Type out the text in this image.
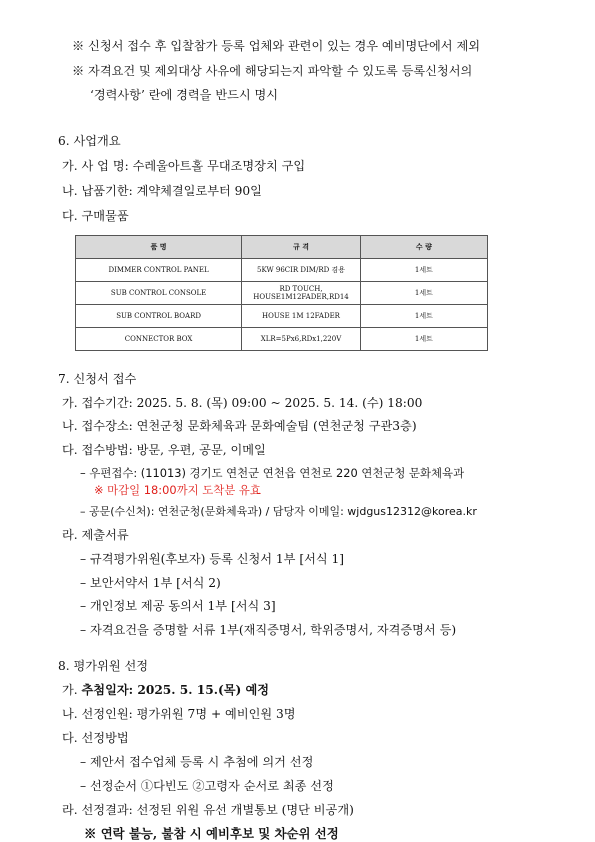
※ 신청서 접수 후 입찰참가 등록 업체와 관련이 있는 경우 예비명단에서 제외
※ 자격요건 및 제외대상 사유에 해당되는지 파악할 수 있도록 등록신청서의
‘경력사항’ 란에 경력을 반드시 명시
6. 사업개요
가. 사 업 명: 수레울아트홀 무대조명장치 구입
나. 납품기한: 계약체결일로부터 90일
다. 구매물품
품 명	규 격	수 량
DIMMER CONTROL PANEL	5KW 96CIR DIM/RD 겸용	1세트
SUB CONTROL CONSOLE	RD TOUCH,
HOUSE1M12FADER,RD14	1세트
SUB CONTROL BOARD	HOUSE 1M 12FADER	1세트
CONNECTOR BOX	XLR=5Px6,RDx1,220V	1세트
7. 신청서 접수
가. 접수기간: 2025. 5. 8. (목) 09:00 ~ 2025. 5. 14. (수) 18:00
나. 접수장소: 연천군청 문화체육과 문화예술팀 (연천군청 구관3층)
다. 접수방법: 방문, 우편, 공문, 이메일
– 우편접수: (11013) 경기도 연천군 연천읍 연천로 220 연천군청 문화체육과
※ 마감일 18:00까지 도착분 유효
– 공문(수신처): 연천군청(문화체육과) / 담당자 이메일: wjdgus12312@korea.kr
라. 제출서류
– 규격평가위원(후보자) 등록 신청서 1부 [서식 1]
– 보안서약서 1부 [서식 2)
– 개인정보 제공 동의서 1부 [서식 3]
– 자격요건을 증명할 서류 1부(재직증명서, 학위증명서, 자격증명서 등)
8. 평가위원 선정
가. 추첨일자: 2025. 5. 15.(목) 예정
나. 선정인원: 평가위원 7명 + 예비인원 3명
다. 선정방법
– 제안서 접수업체 등록 시 추첨에 의거 선정
– 선정순서 ①다빈도 ②고령자 순서로 최종 선정
라. 선정결과: 선정된 위원 유선 개별통보 (명단 비공개)
※ 연락 불능, 불참 시 예비후보 및 차순위 선정
